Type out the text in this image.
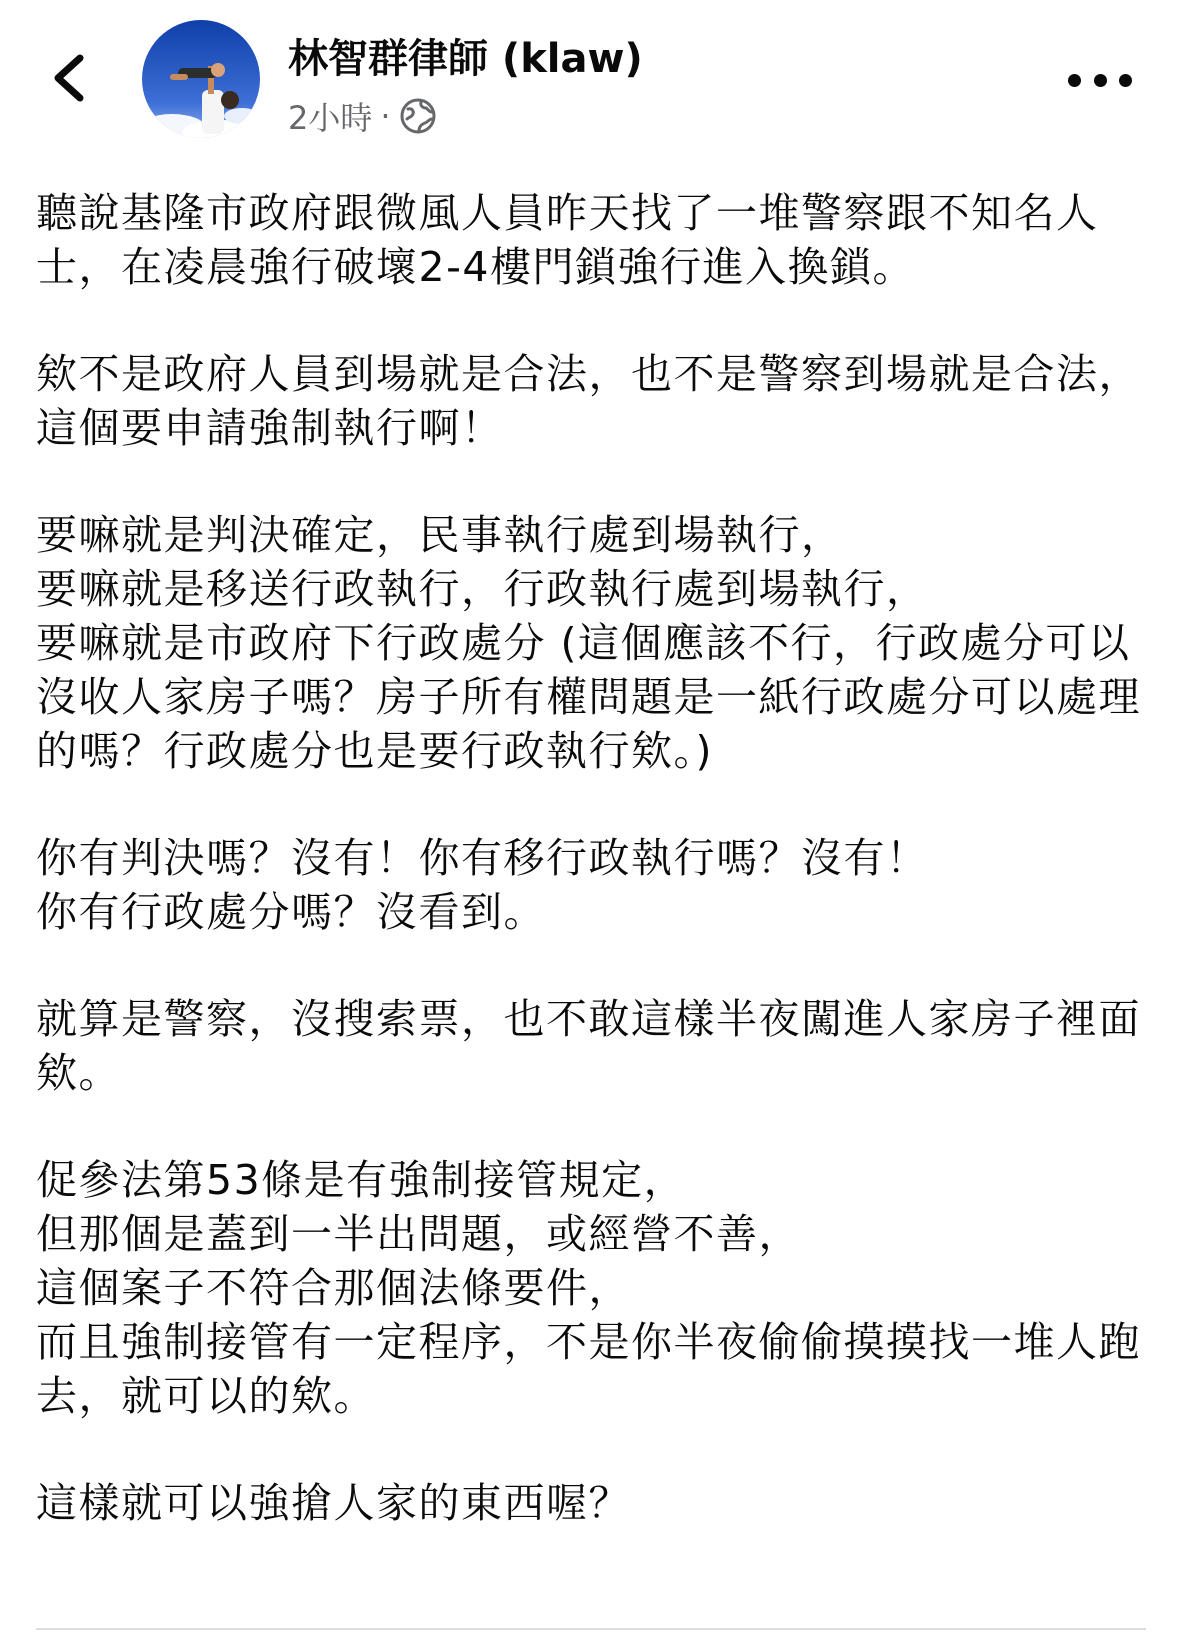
林智群律師 (klaw)
2小時 ·

聽說基隆市政府跟微風人員昨天找了一堆警察跟不知名人士，在凌晨強行破壞2-4樓門鎖強行進入換鎖。

欸不是政府人員到場就是合法，也不是警察到場就是合法，
這個要申請強制執行啊！

要嘛就是判決確定，民事執行處到場執行，
要嘛就是移送行政執行，行政執行處到場執行，
要嘛就是市政府下行政處分 (這個應該不行，行政處分可以沒收人家房子嗎？房子所有權問題是一紙行政處分可以處理的嗎？行政處分也是要行政執行欸。)

你有判決嗎？沒有！你有移行政執行嗎？沒有！
你有行政處分嗎？沒看到。

就算是警察，沒搜索票，也不敢這樣半夜闖進人家房子裡面欸。

促參法第53條是有強制接管規定，
但那個是蓋到一半出問題，或經營不善，
這個案子不符合那個法條要件，
而且強制接管有一定程序，不是你半夜偷偷摸摸找一堆人跑去，就可以的欸。

這樣就可以強搶人家的東西喔？
